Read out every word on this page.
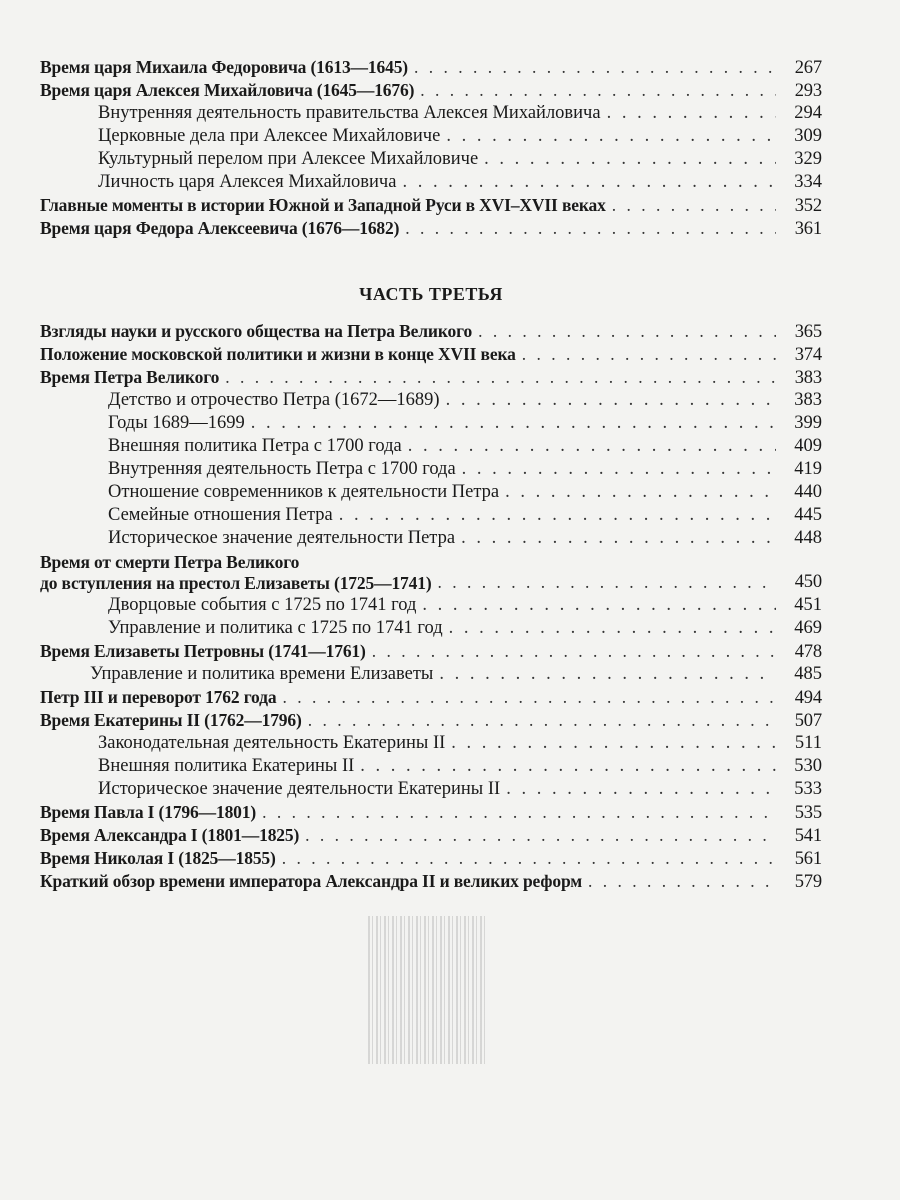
Время царя Михаила Федоровича (1613—1645) . . .	267
Время царя Алексея Михайловича (1645—1676) . . .	293
Внутренняя деятельность правительства Алексея Михайловича . . .	294
Церковные дела при Алексее Михайловиче . . .	309
Культурный перелом при Алексее Михайловиче . . .	329
Личность царя Алексея Михайловича . . .	334
Главные моменты в истории Южной и Западной Руси в XVI–XVII веках . . .	352
Время царя Федора Алексеевича (1676—1682) . . .	361
ЧАСТЬ ТРЕТЬЯ
Взгляды науки и русского общества на Петра Великого . . .	365
Положение московской политики и жизни в конце XVII века . . .	374
Время Петра Великого . . .	383
Детство и отрочество Петра (1672—1689) . . .	383
Годы 1689—1699 . . .	399
Внешняя политика Петра с 1700 года . . .	409
Внутренняя деятельность Петра с 1700 года . . .	419
Отношение современников к деятельности Петра . . .	440
Семейные отношения Петра . . .	445
Историческое значение деятельности Петра . . .	448
Время от смерти Петра Великого
до вступления на престол Елизаветы (1725—1741) . . .	450
Дворцовые события с 1725 по 1741 год . . .	451
Управление и политика с 1725 по 1741 год . . .	469
Время Елизаветы Петровны (1741—1761) . . .	478
Управление и политика времени Елизаветы . . .	485
Петр III и переворот 1762 года . . .	494
Время Екатерины II (1762—1796) . . .	507
Законодательная деятельность Екатерины II . . .	511
Внешняя политика Екатерины II . . .	530
Историческое значение деятельности Екатерины II . . .	533
Время Павла I (1796—1801) . . .	535
Время Александра I (1801—1825) . . .	541
Время Николая I (1825—1855) . . .	561
Краткий обзор времени императора Александра II и великих реформ . . .	579
